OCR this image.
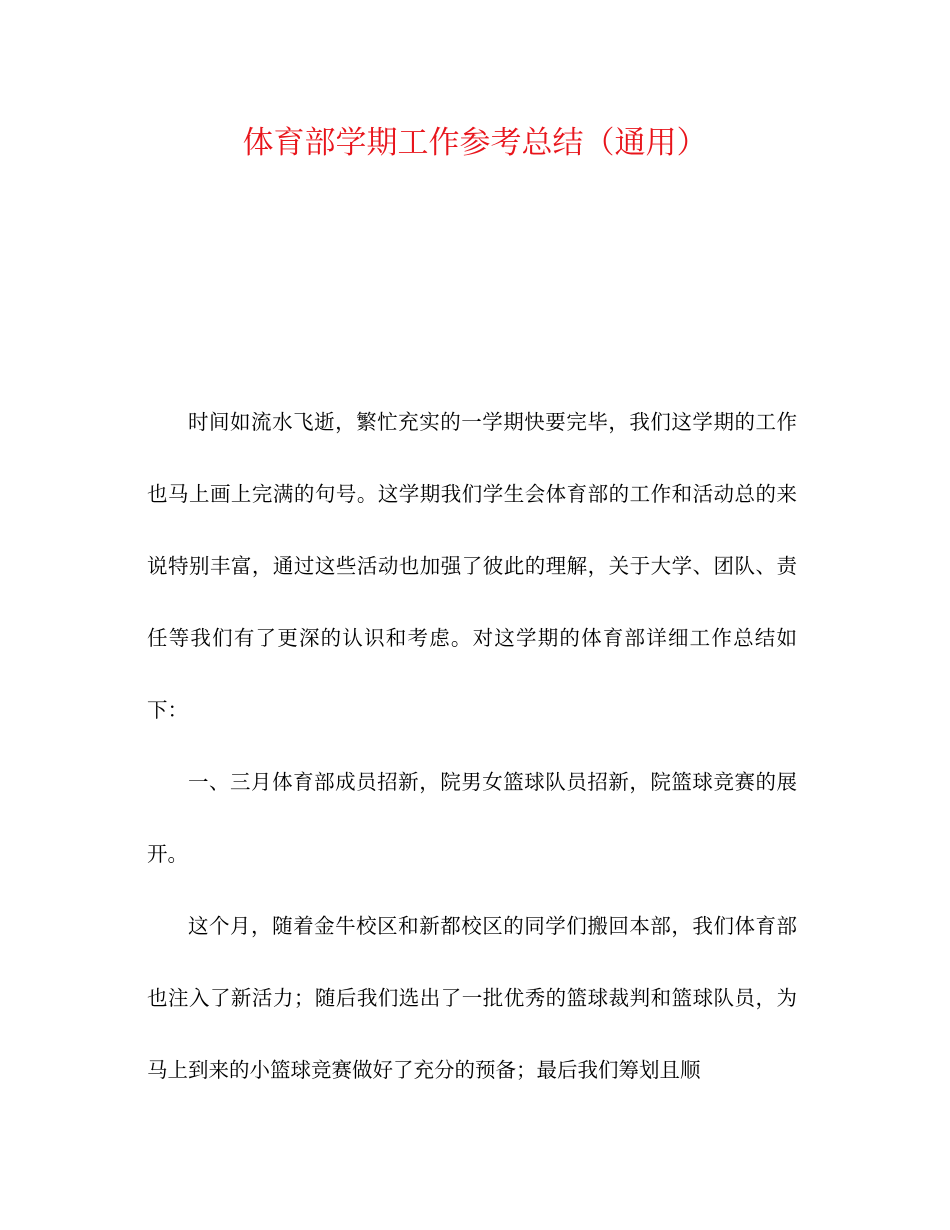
体育部学期工作参考总结（通用）

时间如流水飞逝，繁忙充实的一学期快要完毕，我们这学期的工作也马上画上完满的句号。这学期我们学生会体育部的工作和活动总的来说特别丰富，通过这些活动也加强了彼此的理解，关于大学、团队、责任等我们有了更深的认识和考虑。对这学期的体育部详细工作总结如下：

一、三月体育部成员招新，院男女篮球队员招新，院篮球竞赛的展开。

这个月，随着金牛校区和新都校区的同学们搬回本部，我们体育部也注入了新活力；随后我们选出了一批优秀的篮球裁判和篮球队员，为马上到来的小篮球竞赛做好了充分的预备；最后我们筹划且顺
